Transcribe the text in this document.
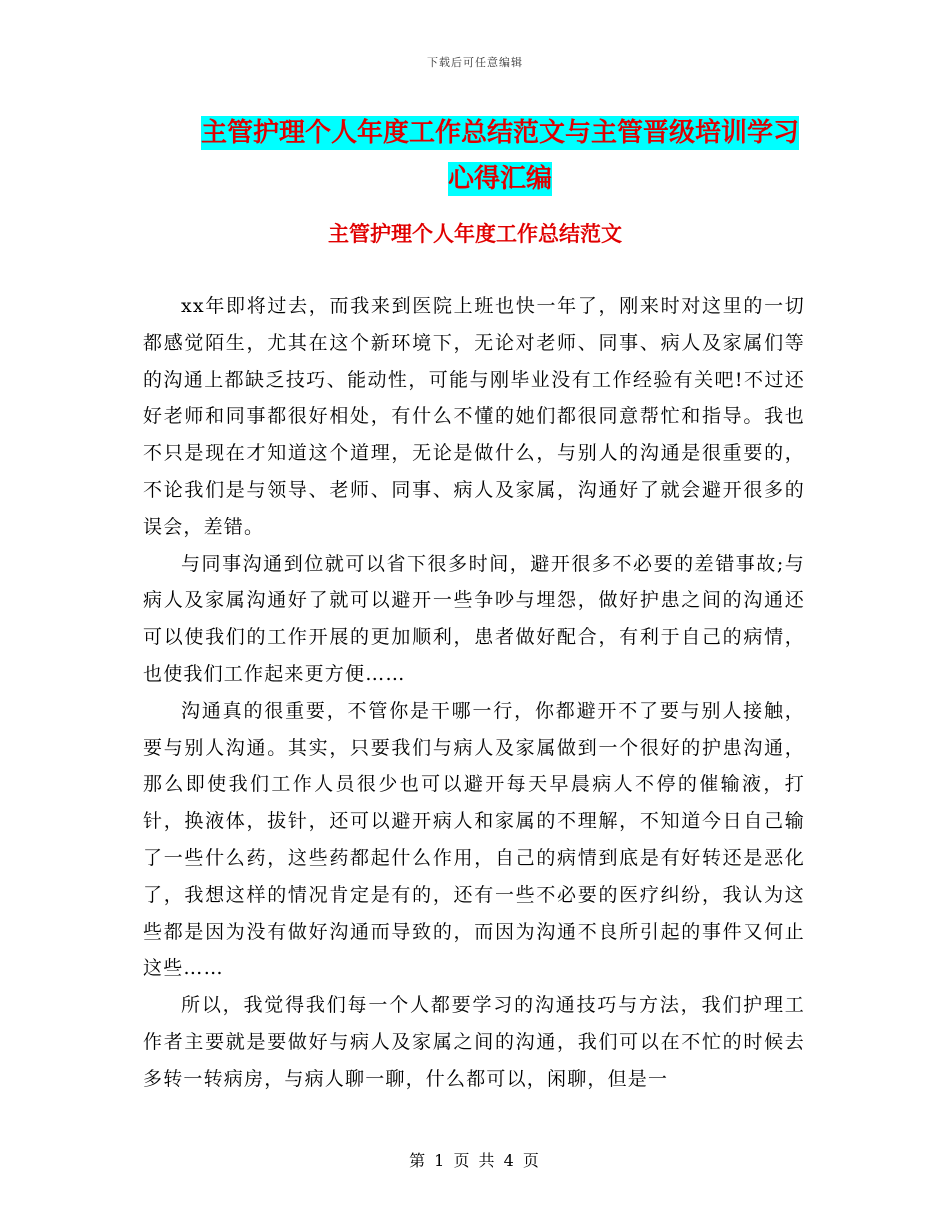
下载后可任意编辑
主管护理个人年度工作总结范文与主管晋级培训学习心得汇编
主管护理个人年度工作总结范文

xx年即将过去，而我来到医院上班也快一年了，刚来时对这里的一切都感觉陌生，尤其在这个新环境下，无论对老师、同事、病人及家属们等的沟通上都缺乏技巧、能动性，可能与刚毕业没有工作经验有关吧!不过还好老师和同事都很好相处，有什么不懂的她们都很同意帮忙和指导。我也不只是现在才知道这个道理，无论是做什么，与别人的沟通是很重要的，不论我们是与领导、老师、同事、病人及家属，沟通好了就会避开很多的误会，差错。

与同事沟通到位就可以省下很多时间，避开很多不必要的差错事故;与病人及家属沟通好了就可以避开一些争吵与埋怨，做好护患之间的沟通还可以使我们的工作开展的更加顺利，患者做好配合，有利于自己的病情，也使我们工作起来更方便……

沟通真的很重要，不管你是干哪一行，你都避开不了要与别人接触，要与别人沟通。其实，只要我们与病人及家属做到一个很好的护患沟通，那么即使我们工作人员很少也可以避开每天早晨病人不停的催输液，打针，换液体，拔针，还可以避开病人和家属的不理解，不知道今日自己输了一些什么药，这些药都起什么作用，自己的病情到底是有好转还是恶化了，我想这样的情况肯定是有的，还有一些不必要的医疗纠纷，我认为这些都是因为没有做好沟通而导致的，而因为沟通不良所引起的事件又何止这些……

所以，我觉得我们每一个人都要学习的沟通技巧与方法，我们护理工作者主要就是要做好与病人及家属之间的沟通，我们可以在不忙的时候去多转一转病房，与病人聊一聊，什么都可以，闲聊，但是一

第 1 页 共 4 页
